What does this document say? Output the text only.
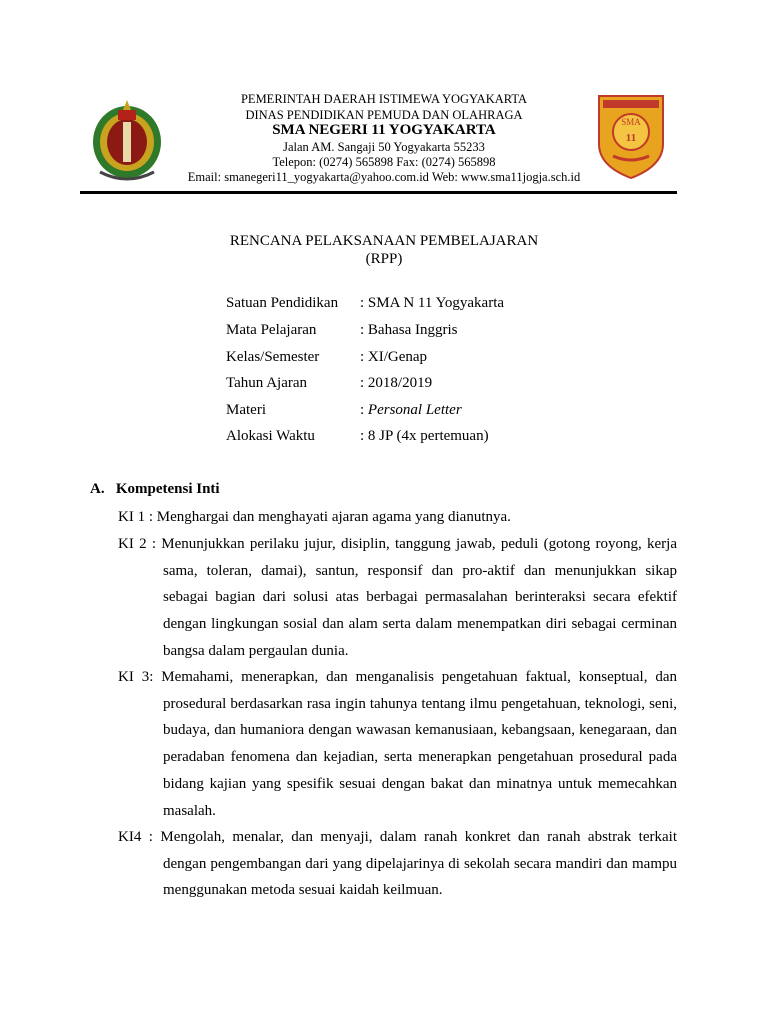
SMA
11
PEMERINTAH DAERAH ISTIMEWA YOGYAKARTA
DINAS PENDIDIKAN PEMUDA DAN OLAHRAGA
SMA NEGERI 11 YOGYAKARTA
Jalan AM. Sangaji 50 Yogyakarta 55233
Telepon: (0274) 565898 Fax: (0274) 565898
Email: smanegeri11_yogyakarta@yahoo.com.id Web: www.sma11jogja.sch.id
RENCANA PELAKSANAAN PEMBELAJARAN
(RPP)
Satuan Pendidikan : SMA N 11 Yogyakarta
Mata Pelajaran	: Bahasa Inggris
Kelas/Semester	: XI/Genap
Tahun Ajaran	: 2018/2019
Materi	: Personal Letter
Alokasi Waktu	: 8 JP (4x pertemuan)
A. Kompetensi Inti
KI 1 : Menghargai dan menghayati ajaran agama yang dianutnya.
KI 2 : Menunjukkan perilaku jujur, disiplin, tanggung jawab, peduli (gotong royong, kerja
sama, toleran, damai), santun, responsif dan pro-aktif dan menunjukkan sikap
sebagai bagian dari solusi atas berbagai permasalahan berinteraksi secara efektif
dengan lingkungan sosial dan alam serta dalam menempatkan diri sebagai cerminan
bangsa dalam pergaulan dunia.
KI 3: Memahami, menerapkan, dan menganalisis pengetahuan faktual, konseptual, dan
prosedural berdasarkan rasa ingin tahunya tentang ilmu pengetahuan, teknologi, seni,
budaya, dan humaniora dengan wawasan kemanusiaan, kebangsaan, kenegaraan, dan
peradaban fenomena dan kejadian, serta menerapkan pengetahuan prosedural pada
bidang kajian yang spesifik sesuai dengan bakat dan minatnya untuk memecahkan
masalah.
KI4 : Mengolah, menalar, dan menyaji, dalam ranah konkret dan ranah abstrak terkait
dengan pengembangan dari yang dipelajarinya di sekolah secara mandiri dan mampu
menggunakan metoda sesuai kaidah keilmuan.
